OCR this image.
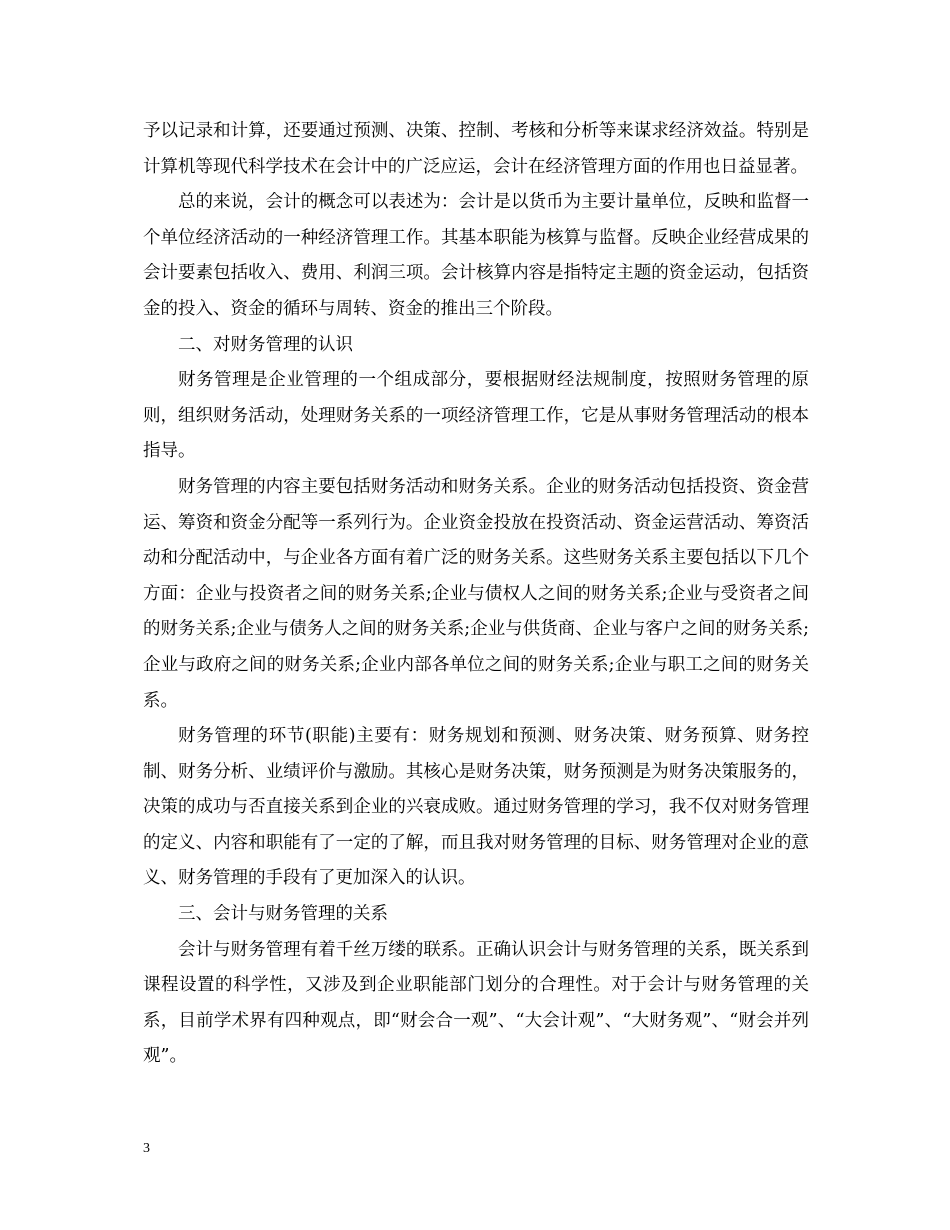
予以记录和计算，还要通过预测、决策、控制、考核和分析等来谋求经济效益。特别是计算机等现代科学技术在会计中的广泛应运，会计在经济管理方面的作用也日益显著。

总的来说，会计的概念可以表述为：会计是以货币为主要计量单位，反映和监督一个单位经济活动的一种经济管理工作。其基本职能为核算与监督。反映企业经营成果的会计要素包括收入、费用、利润三项。会计核算内容是指特定主题的资金运动，包括资金的投入、资金的循环与周转、资金的推出三个阶段。

二、对财务管理的认识

财务管理是企业管理的一个组成部分，要根据财经法规制度，按照财务管理的原则，组织财务活动，处理财务关系的一项经济管理工作，它是从事财务管理活动的根本指导。

财务管理的内容主要包括财务活动和财务关系。企业的财务活动包括投资、资金营运、筹资和资金分配等一系列行为。企业资金投放在投资活动、资金运营活动、筹资活动和分配活动中，与企业各方面有着广泛的财务关系。这些财务关系主要包括以下几个方面：企业与投资者之间的财务关系;企业与债权人之间的财务关系;企业与受资者之间的财务关系;企业与债务人之间的财务关系;企业与供货商、企业与客户之间的财务关系;企业与政府之间的财务关系;企业内部各单位之间的财务关系;企业与职工之间的财务关系。

财务管理的环节(职能)主要有：财务规划和预测、财务决策、财务预算、财务控制、财务分析、业绩评价与激励。其核心是财务决策，财务预测是为财务决策服务的，决策的成功与否直接关系到企业的兴衰成败。通过财务管理的学习，我不仅对财务管理的定义、内容和职能有了一定的了解，而且我对财务管理的目标、财务管理对企业的意义、财务管理的手段有了更加深入的认识。

三、会计与财务管理的关系

会计与财务管理有着千丝万缕的联系。正确认识会计与财务管理的关系，既关系到课程设置的科学性，又涉及到企业职能部门划分的合理性。对于会计与财务管理的关系，目前学术界有四种观点，即“财会合一观”、“大会计观”、“大财务观”、“财会并列观”。

3
